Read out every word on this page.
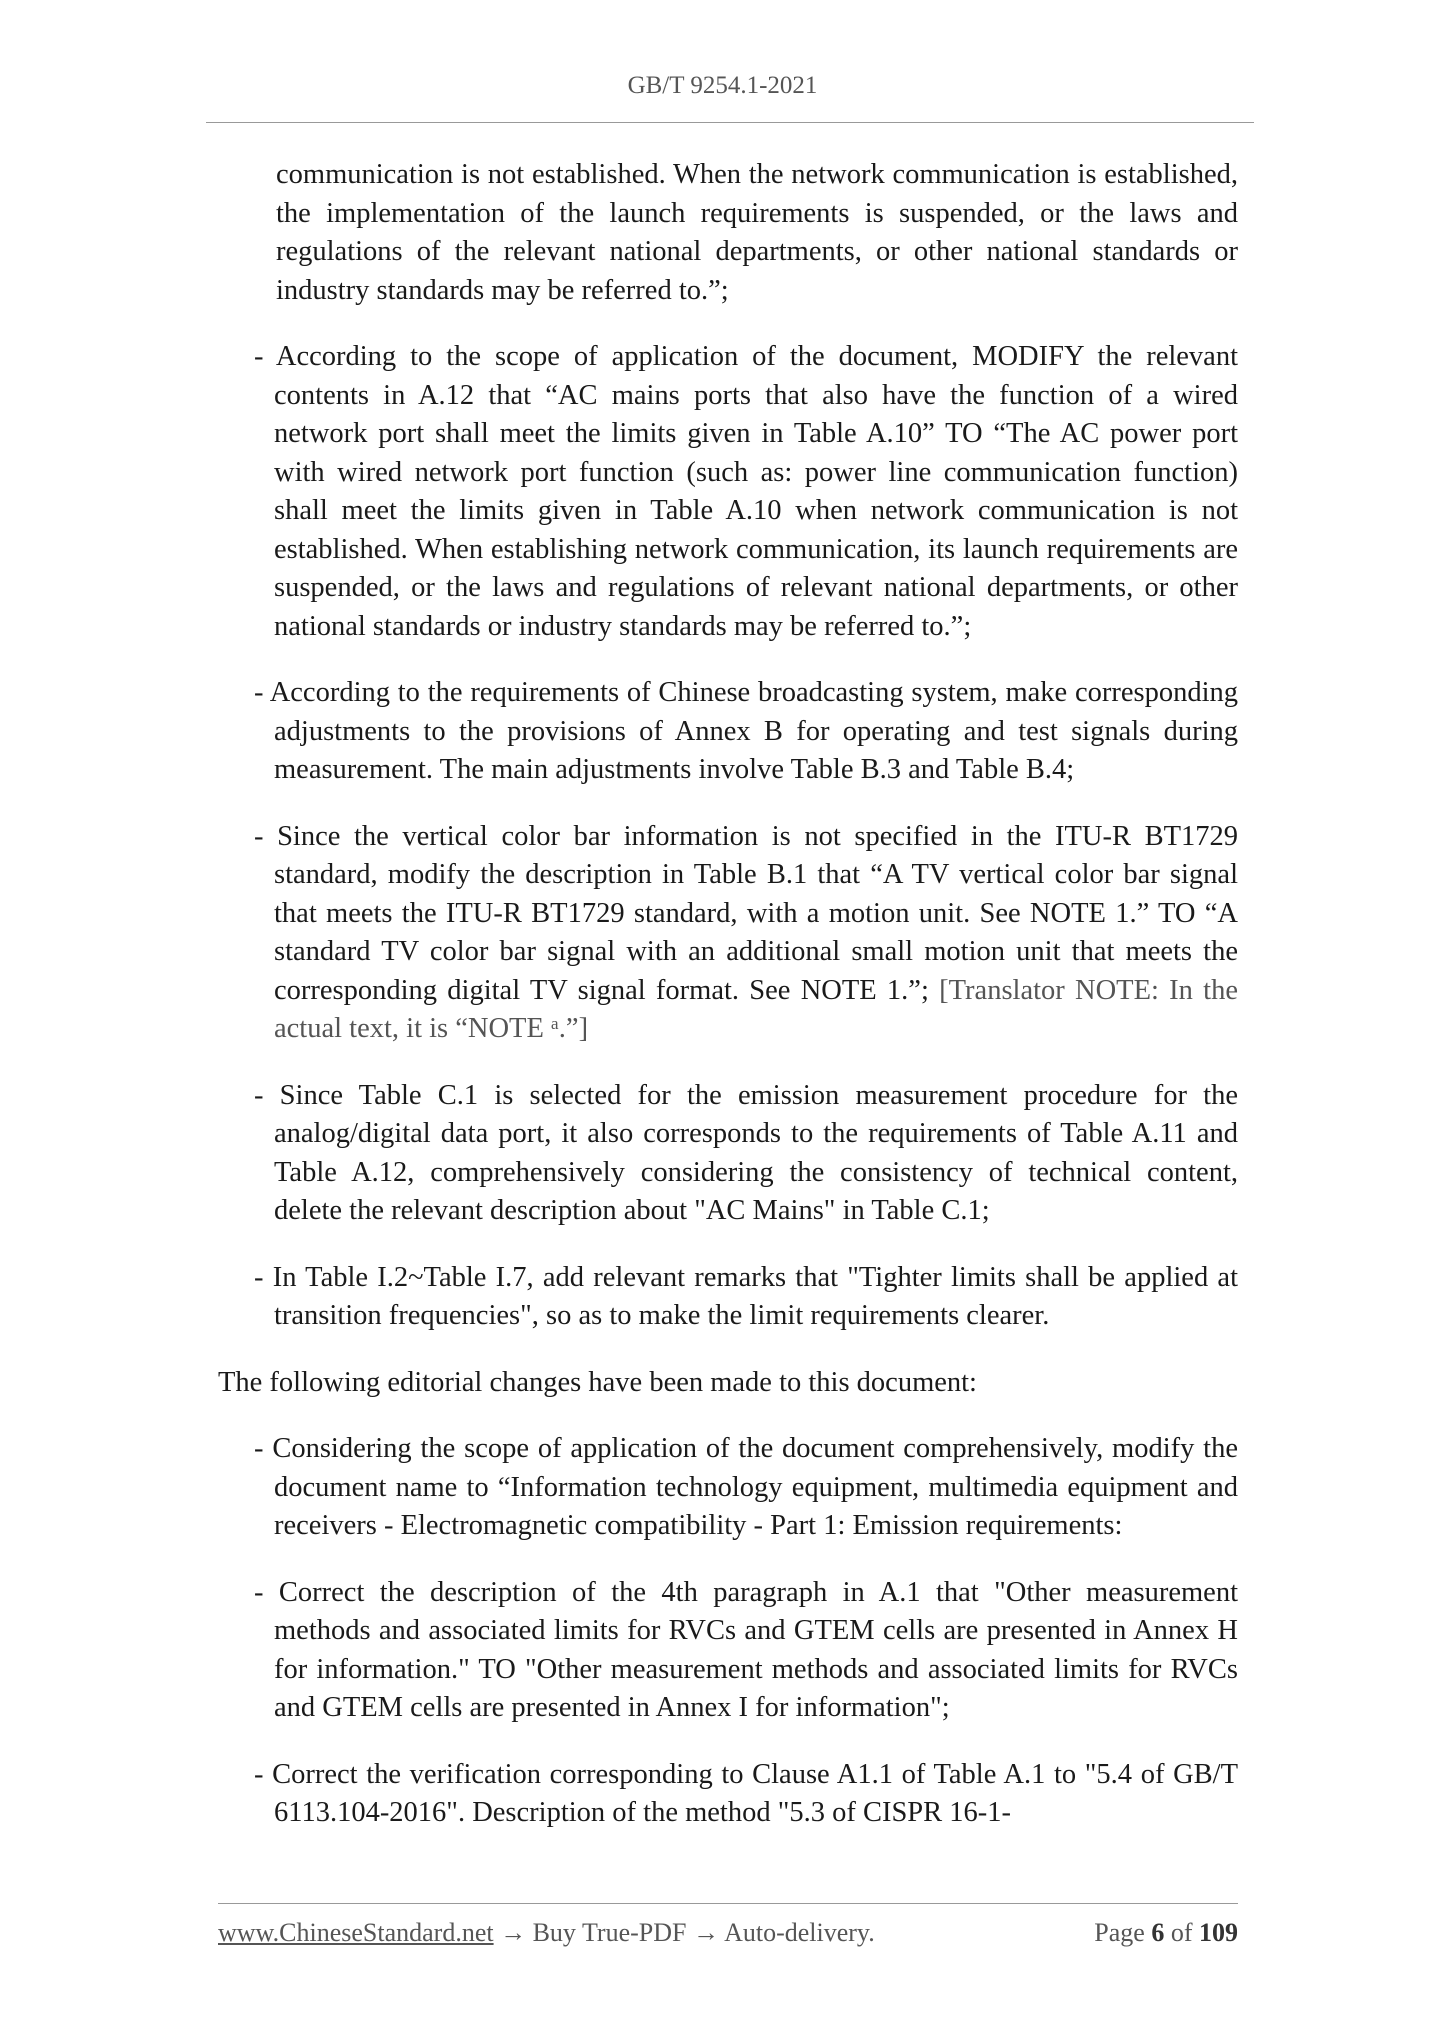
GB/T 9254.1-2021

communication is not established. When the network communication is established, the implementation of the launch requirements is suspended, or the laws and regulations of the relevant national departments, or other national standards or industry standards may be referred to.”;

- According to the scope of application of the document, MODIFY the relevant contents in A.12 that “AC mains ports that also have the function of a wired network port shall meet the limits given in Table A.10” TO “The AC power port with wired network port function (such as: power line communication function) shall meet the limits given in Table A.10 when network communication is not established. When establishing network communication, its launch requirements are suspended, or the laws and regulations of relevant national departments, or other national standards or industry standards may be referred to.”;

- According to the requirements of Chinese broadcasting system, make corresponding adjustments to the provisions of Annex B for operating and test signals during measurement. The main adjustments involve Table B.3 and Table B.4;

- Since the vertical color bar information is not specified in the ITU-R BT1729 standard, modify the description in Table B.1 that “A TV vertical color bar signal that meets the ITU-R BT1729 standard, with a motion unit. See NOTE 1.” TO “A standard TV color bar signal with an additional small motion unit that meets the corresponding digital TV signal format. See NOTE 1.”; [Translator NOTE: In the actual text, it is “NOTE ᵃ.”]

- Since Table C.1 is selected for the emission measurement procedure for the analog/digital data port, it also corresponds to the requirements of Table A.11 and Table A.12, comprehensively considering the consistency of technical content, delete the relevant description about "AC Mains" in Table C.1;

- In Table I.2~Table I.7, add relevant remarks that "Tighter limits shall be applied at transition frequencies", so as to make the limit requirements clearer.

The following editorial changes have been made to this document:

- Considering the scope of application of the document comprehensively, modify the document name to “Information technology equipment, multimedia equipment and receivers - Electromagnetic compatibility - Part 1: Emission requirements:

- Correct the description of the 4th paragraph in A.1 that "Other measurement methods and associated limits for RVCs and GTEM cells are presented in Annex H for information." TO "Other measurement methods and associated limits for RVCs and GTEM cells are presented in Annex I for information";

- Correct the verification corresponding to Clause A1.1 of Table A.1 to "5.4 of GB/T 6113.104-2016". Description of the method "5.3 of CISPR 16-1-

www.ChineseStandard.net → Buy True-PDF → Auto-delivery.	Page 6 of 109
